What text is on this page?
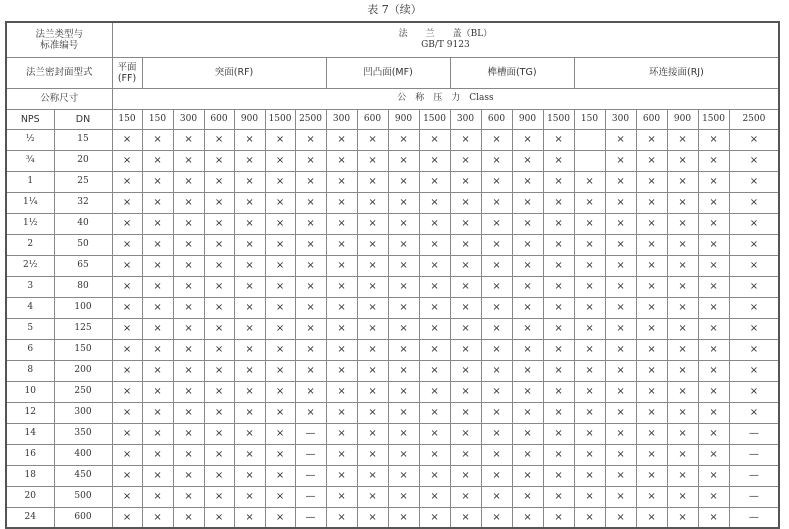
表 7（续）
法兰类型与
标准编号		法　　兰　　盖（BL）
GB/T 9123																				
法兰密封面型式		平面
(FF)	突面(RF)						凹凸面(MF)				榫槽面(TG)				环连接面(RJ)					
公称尺寸		公　称　压　力　Class																				
NPS	DN	150	150	300	600	900	1500	2500	300	600	900	1500	300	600	900	1500	150	300	600	900	1500	2500
½	15	×	×	×	×	×	×	×	×	×	×	×	×	×	×	×		×	×	×	×	×
¾	20	×	×	×	×	×	×	×	×	×	×	×	×	×	×	×		×	×	×	×	×
1	25	×	×	×	×	×	×	×	×	×	×	×	×	×	×	×	×	×	×	×	×	×
1¼	32	×	×	×	×	×	×	×	×	×	×	×	×	×	×	×	×	×	×	×	×	×
1½	40	×	×	×	×	×	×	×	×	×	×	×	×	×	×	×	×	×	×	×	×	×
2	50	×	×	×	×	×	×	×	×	×	×	×	×	×	×	×	×	×	×	×	×	×
2½	65	×	×	×	×	×	×	×	×	×	×	×	×	×	×	×	×	×	×	×	×	×
3	80	×	×	×	×	×	×	×	×	×	×	×	×	×	×	×	×	×	×	×	×	×
4	100	×	×	×	×	×	×	×	×	×	×	×	×	×	×	×	×	×	×	×	×	×
5	125	×	×	×	×	×	×	×	×	×	×	×	×	×	×	×	×	×	×	×	×	×
6	150	×	×	×	×	×	×	×	×	×	×	×	×	×	×	×	×	×	×	×	×	×
8	200	×	×	×	×	×	×	×	×	×	×	×	×	×	×	×	×	×	×	×	×	×
10	250	×	×	×	×	×	×	×	×	×	×	×	×	×	×	×	×	×	×	×	×	×
12	300	×	×	×	×	×	×	×	×	×	×	×	×	×	×	×	×	×	×	×	×	×
14	350	×	×	×	×	×	×	—	×	×	×	×	×	×	×	×	×	×	×	×	×	—
16	400	×	×	×	×	×	×	—	×	×	×	×	×	×	×	×	×	×	×	×	×	—
18	450	×	×	×	×	×	×	—	×	×	×	×	×	×	×	×	×	×	×	×	×	—
20	500	×	×	×	×	×	×	—	×	×	×	×	×	×	×	×	×	×	×	×	×	—
24	600	×	×	×	×	×	×	—	×	×	×	×	×	×	×	×	×	×	×	×	×	—
